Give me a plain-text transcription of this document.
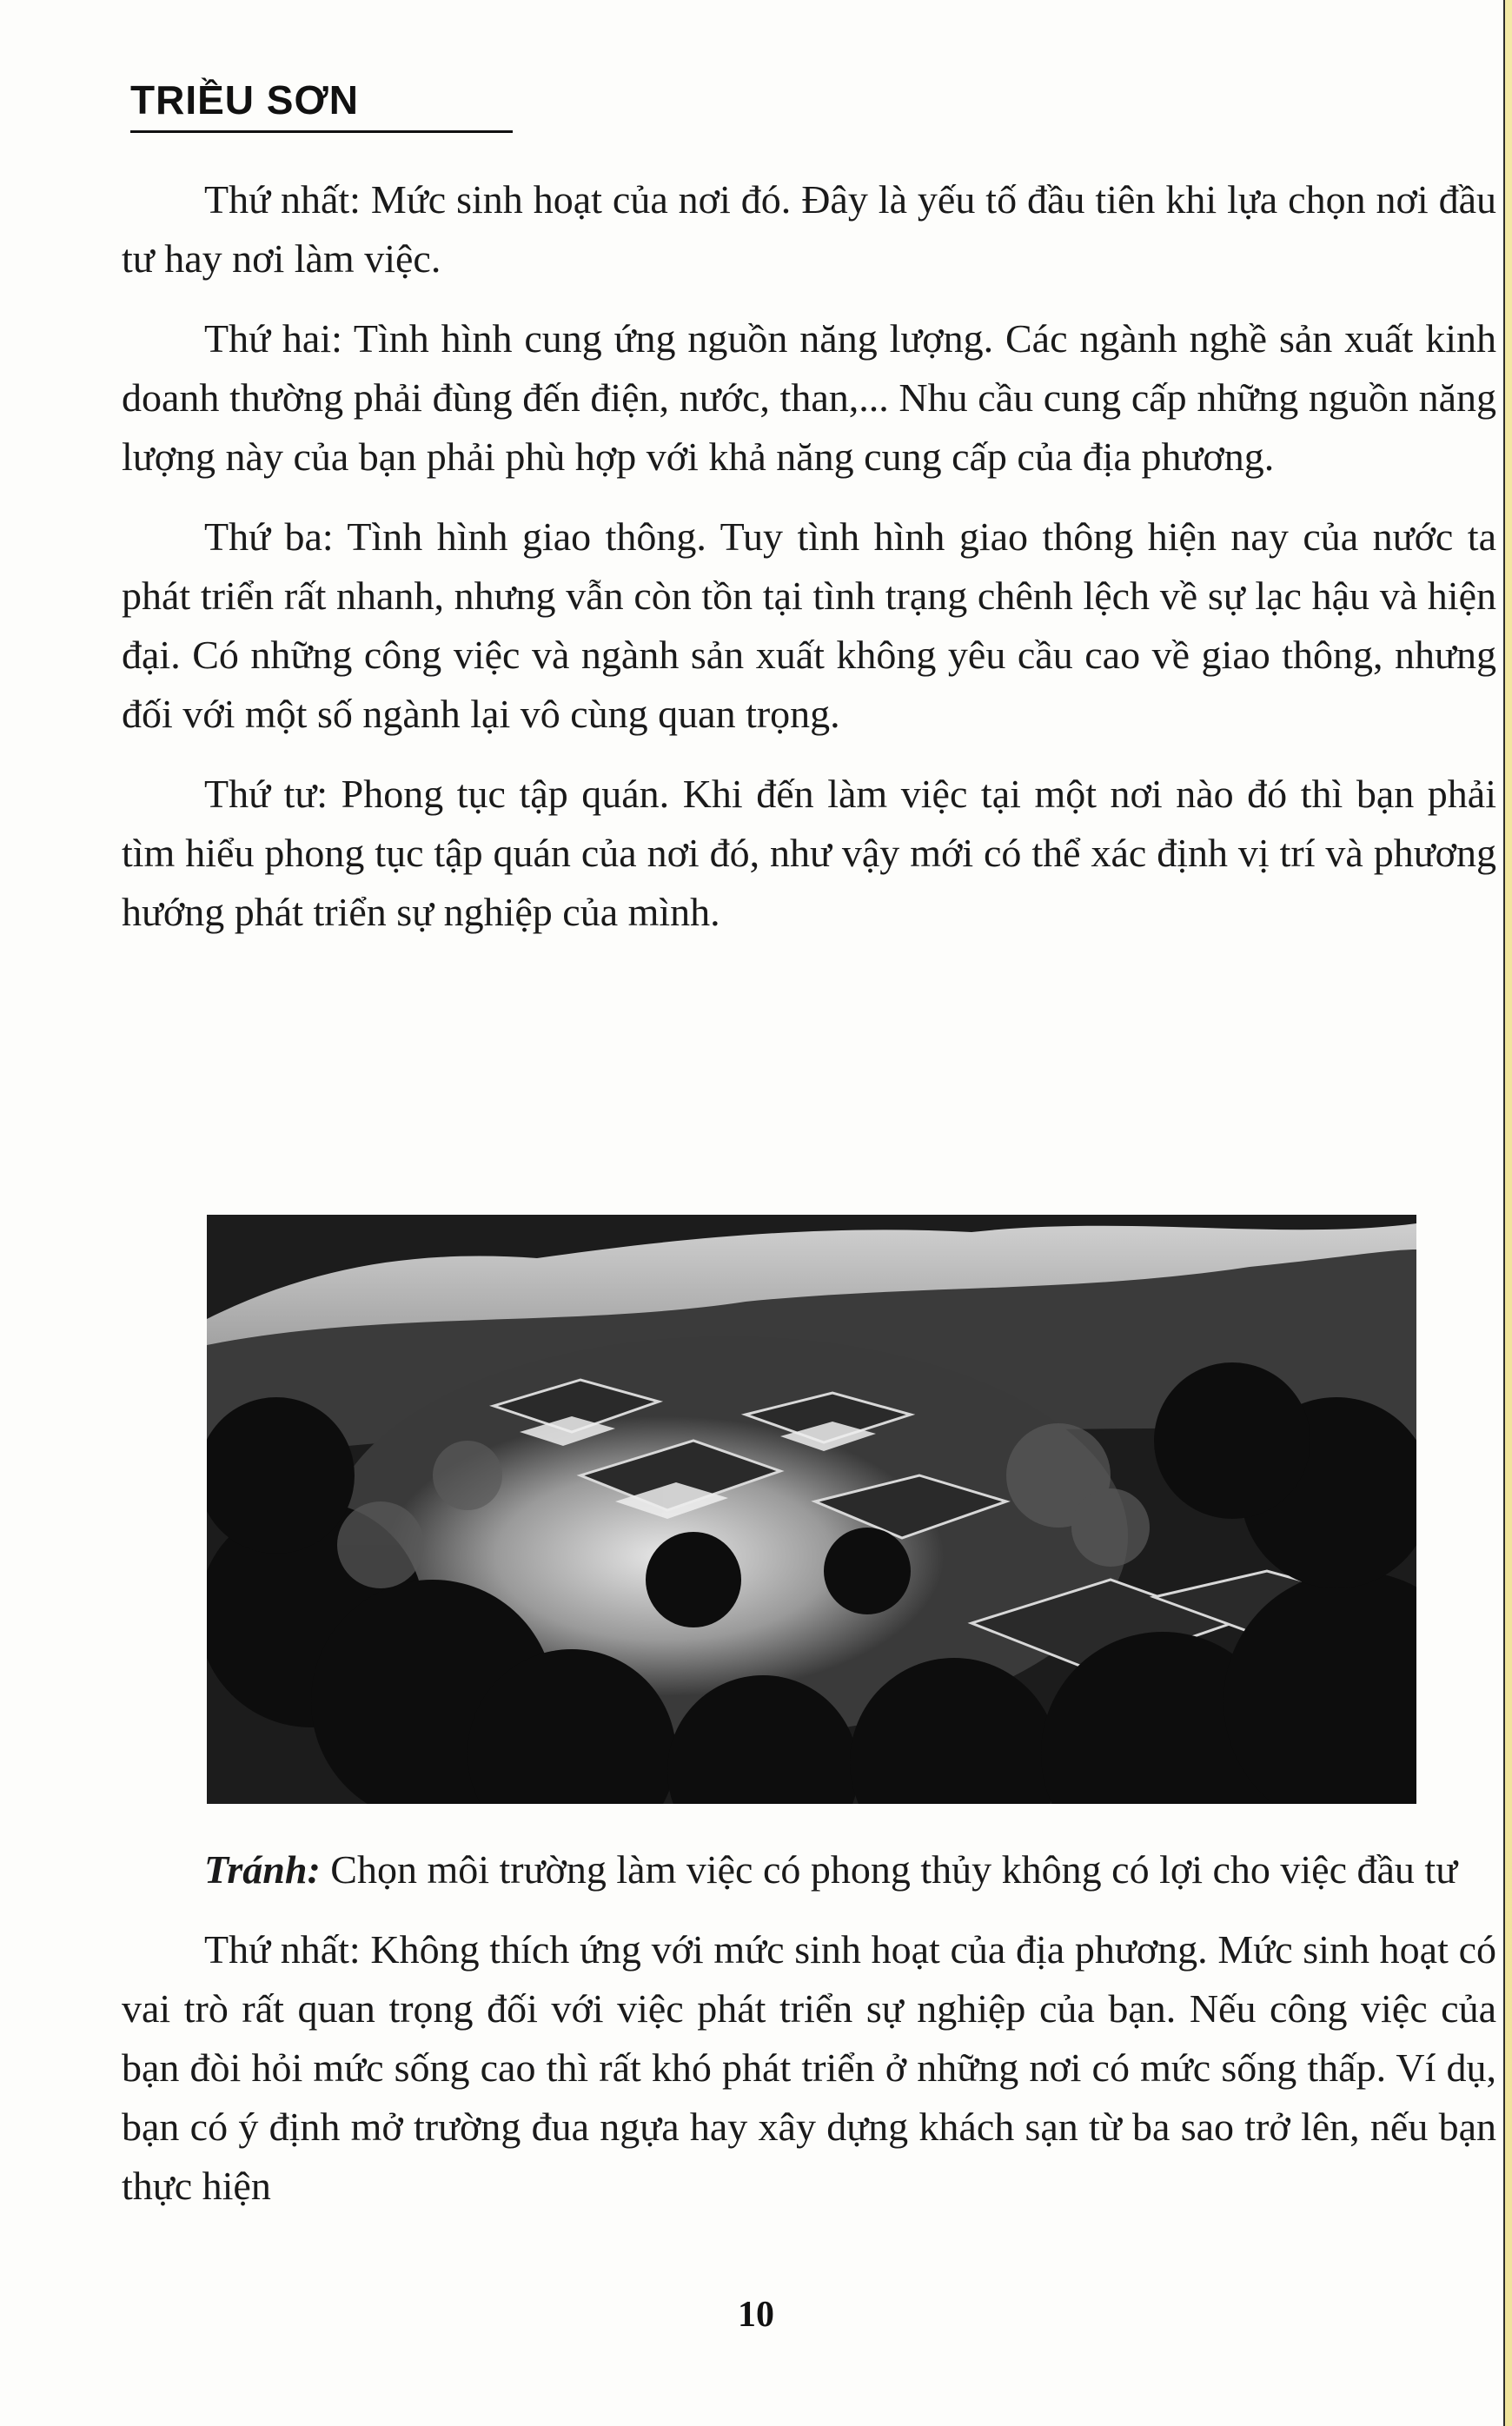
TRIỀU SƠN

Thứ nhất: Mức sinh hoạt của nơi đó. Đây là yếu tố đầu tiên khi lựa chọn nơi đầu tư hay nơi làm việc.

Thứ hai: Tình hình cung ứng nguồn năng lượng. Các ngành nghề sản xuất kinh doanh thường phải đùng đến điện, nước, than,... Nhu cầu cung cấp những nguồn năng lượng này của bạn phải phù hợp với khả năng cung cấp của địa phương.

Thứ ba: Tình hình giao thông. Tuy tình hình giao thông hiện nay của nước ta phát triển rất nhanh, nhưng vẫn còn tồn tại tình trạng chênh lệch về sự lạc hậu và hiện đại. Có những công việc và ngành sản xuất không yêu cầu cao về giao thông, nhưng đối với một số ngành lại vô cùng quan trọng.

Thứ tư: Phong tục tập quán. Khi đến làm việc tại một nơi nào đó thì bạn phải tìm hiểu phong tục tập quán của nơi đó, như vậy mới có thể xác định vị trí và phương hướng phát triển sự nghiệp của mình.

Tránh: Chọn môi trường làm việc có phong thủy không có lợi cho việc đầu tư

Thứ nhất: Không thích ứng với mức sinh hoạt của địa phương. Mức sinh hoạt có vai trò rất quan trọng đối với việc phát triển sự nghiệp của bạn. Nếu công việc của bạn đòi hỏi mức sống cao thì rất khó phát triển ở những nơi có mức sống thấp. Ví dụ, bạn có ý định mở trường đua ngựa hay xây dựng khách sạn từ ba sao trở lên, nếu bạn thực hiện

10
